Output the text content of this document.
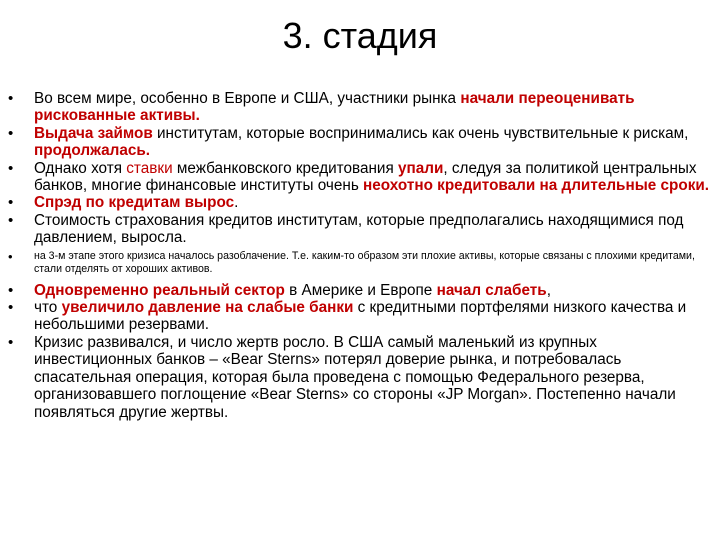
3. стадия
•	Во всем мире, особенно в Европе и США, участники рынка начали переоценивать рискованные активы.
•	Выдача займов институтам, которые воспринимались как очень чувствительные к рискам, продолжалась.
•	Однако хотя ставки межбанковского кредитования упали, следуя за политикой центральных банков, многие финансовые институты очень неохотно кредитовали на длительные сроки.
•	Спрэд по кредитам вырос.
•	Стоимость страхования кредитов институтам, которые предполагались находящимися под давлением, выросла.
•	на 3-м этапе этого кризиса началось разоблачение. Т.е. каким-то образом эти плохие активы, которые связаны с плохими кредитами, стали отделять от хороших активов.
•	Одновременно реальный сектор в Америке и Европе начал слабеть,
•	что увеличило давление на слабые банки с кредитными портфелями низкого качества и небольшими резервами.
•	Кризис развивался, и число жертв росло. В США самый маленький из крупных инвестиционных банков – «Bear Sterns» потерял доверие рынка, и потребовалась спасательная операция, которая была проведена с помощью Федерального резерва, организовавшего поглощение «Bear Sterns» со стороны «JP Morgan». Постепенно начали появляться другие жертвы.
